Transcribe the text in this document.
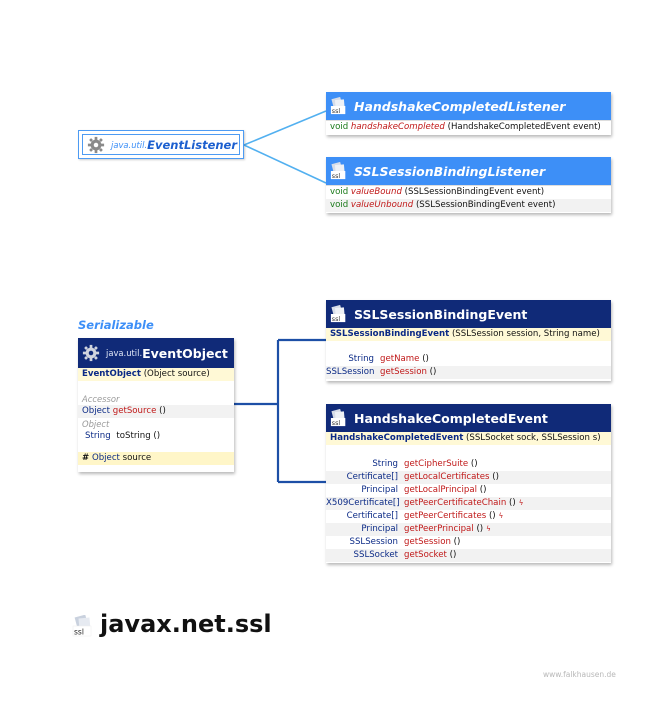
java.util. EventListener
ssl HandshakeCompletedListener
void handshakeCompleted (HandshakeCompletedEvent event)
ssl SSLSessionBindingListener
void valueBound (SSLSessionBindingEvent event)
void valueUnbound (SSLSessionBindingEvent event)
Serializable
java.util. EventObject
EventObject (Object source)
Accessor
Object getSource ()
Object
String toString ()
# Object source
ssl SSLSessionBindingEvent
SSLSessionBindingEvent (SSLSession session, String name)
String getName ()
SSLSession getSession ()
ssl HandshakeCompletedEvent
HandshakeCompletedEvent (SSLSocket sock, SSLSession s)
String getCipherSuite ()
Certificate[] getLocalCertificates ()
Principal getLocalPrincipal ()
X509Certificate[] getPeerCertificateChain () ϟ
Certificate[] getPeerCertificates () ϟ
Principal getPeerPrincipal () ϟ
SSLSession getSession ()
SSLSocket getSocket ()
ssl javax.net.ssl
www.falkhausen.de
